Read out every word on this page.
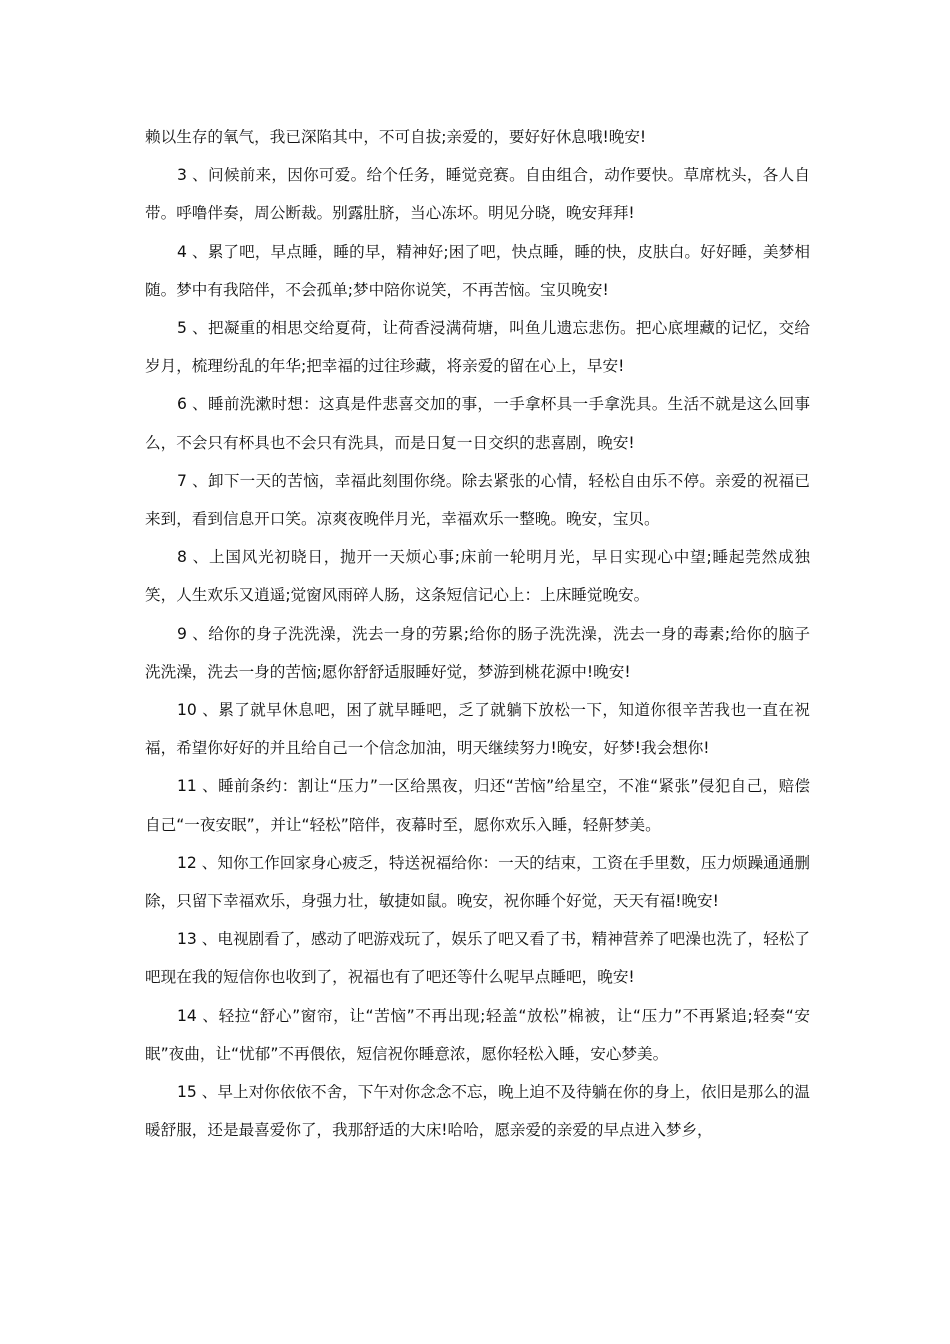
赖以生存的氧气，我已深陷其中，不可自拔;亲爱的，要好好休息哦!晚安!

3 、问候前来，因你可爱。给个任务，睡觉竞赛。自由组合，动作要快。草席枕头，各人自带。呼噜伴奏，周公断裁。别露肚脐，当心冻坏。明见分晓，晚安拜拜!

4 、累了吧，早点睡，睡的早，精神好;困了吧，快点睡，睡的快，皮肤白。好好睡，美梦相随。梦中有我陪伴，不会孤单;梦中陪你说笑，不再苦恼。宝贝晚安!

5 、把凝重的相思交给夏荷，让荷香浸满荷塘，叫鱼儿遗忘悲伤。把心底埋藏的记忆，交给岁月，梳理纷乱的年华;把幸福的过往珍藏，将亲爱的留在心上，早安!

6 、睡前洗漱时想：这真是件悲喜交加的事，一手拿杯具一手拿洗具。生活不就是这么回事么，不会只有杯具也不会只有洗具，而是日复一日交织的悲喜剧，晚安!

7 、卸下一天的苦恼，幸福此刻围你绕。除去紧张的心情，轻松自由乐不停。亲爱的祝福已来到，看到信息开口笑。凉爽夜晚伴月光，幸福欢乐一整晚。晚安，宝贝。

8 、上国风光初晓日，抛开一天烦心事;床前一轮明月光，早日实现心中望;睡起莞然成独笑，人生欢乐又逍遥;觉窗风雨碎人肠，这条短信记心上：上床睡觉晚安。

9 、给你的身子洗洗澡，洗去一身的劳累;给你的肠子洗洗澡，洗去一身的毒素;给你的脑子洗洗澡，洗去一身的苦恼;愿你舒舒适服睡好觉，梦游到桃花源中!晚安!

10 、累了就早休息吧，困了就早睡吧，乏了就躺下放松一下，知道你很辛苦我也一直在祝福，希望你好好的并且给自己一个信念加油，明天继续努力!晚安，好梦!我会想你!

11 、睡前条约：割让“压力”一区给黑夜，归还“苦恼”给星空，不准“紧张”侵犯自己，赔偿自己“一夜安眠”，并让“轻松”陪伴，夜幕时至，愿你欢乐入睡，轻鼾梦美。

12 、知你工作回家身心疲乏，特送祝福给你：一天的结束，工资在手里数，压力烦躁通通删除，只留下幸福欢乐，身强力壮，敏捷如鼠。晚安，祝你睡个好觉，天天有福!晚安!

13 、电视剧看了，感动了吧游戏玩了，娱乐了吧又看了书，精神营养了吧澡也洗了，轻松了吧现在我的短信你也收到了，祝福也有了吧还等什么呢早点睡吧，晚安!

14 、轻拉“舒心”窗帘，让“苦恼”不再出现;轻盖“放松”棉被，让“压力”不再紧追;轻奏“安眠”夜曲，让“忧郁”不再偎依，短信祝你睡意浓，愿你轻松入睡，安心梦美。

15 、早上对你依依不舍，下午对你念念不忘，晚上迫不及待躺在你的身上，依旧是那么的温暖舒服，还是最喜爱你了，我那舒适的大床!哈哈，愿亲爱的亲爱的早点进入梦乡，
